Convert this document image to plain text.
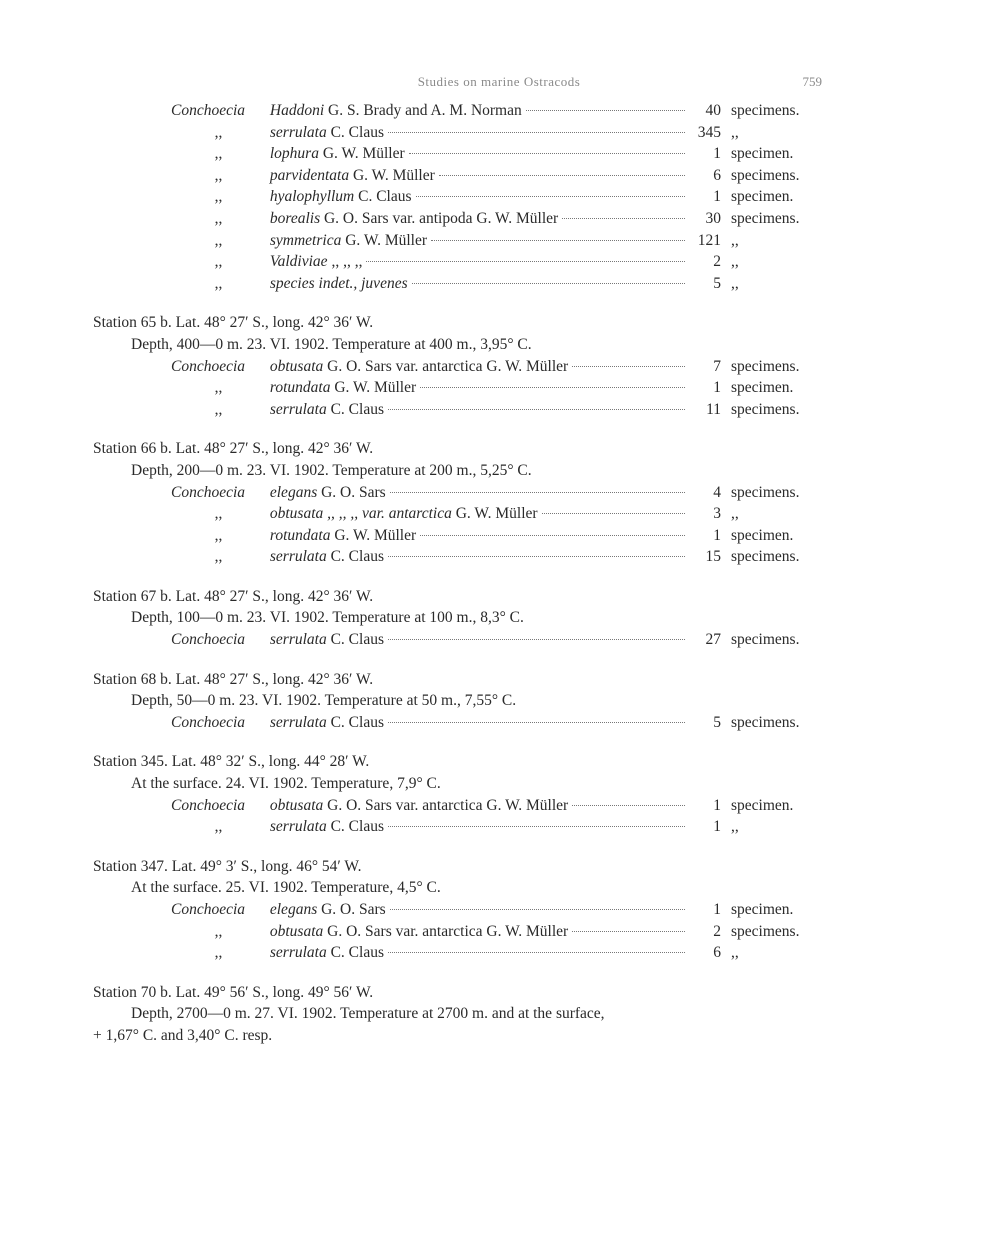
Studies on marine Ostracods	759
Conchoecia Haddoni G. S. Brady and A. M. Norman	40 specimens.
,,	serrulata C. Claus	345 ,,
,,	lophura G. W. Müller	1 specimen.
,,	parvidentata G. W. Müller	6 specimens.
,,	hyalophyllum C. Claus	1 specimen.
,,	borealis G. O. Sars var. antipoda G. W. Müller	30 specimens.
,,	symmetrica G. W. Müller	121 ,,
,,	Valdiviae ,, ,, ,,	2 ,,
,,	species indet., juvenes	5 ,,
Station 65 b. Lat. 48° 27′ S., long. 42° 36′ W.
Depth, 400—0 m. 23. VI. 1902. Temperature at 400 m., 3,95° C.
Conchoecia obtusata G. O. Sars var. antarctica G. W. Müller	7 specimens.
,,	rotundata G. W. Müller	1 specimen.
,,	serrulata C. Claus	11 specimens.
Station 66 b. Lat. 48° 27′ S., long. 42° 36′ W.
Depth, 200—0 m. 23. VI. 1902. Temperature at 200 m., 5,25° C.
Conchoecia elegans G. O. Sars	4 specimens.
,,	obtusata ,, ,, ,, var. antarctica G. W. Müller	3 ,,
,,	rotundata G. W. Müller	1 specimen.
,,	serrulata C. Claus	15 specimens.
Station 67 b. Lat. 48° 27′ S., long. 42° 36′ W.
Depth, 100—0 m. 23. VI. 1902. Temperature at 100 m., 8,3° C.
Conchoecia serrulata C. Claus	27 specimens.
Station 68 b. Lat. 48° 27′ S., long. 42° 36′ W.
Depth, 50—0 m. 23. VI. 1902. Temperature at 50 m., 7,55° C.
Conchoecia serrulata C. Claus	5 specimens.
Station 345. Lat. 48° 32′ S., long. 44° 28′ W.
At the surface. 24. VI. 1902. Temperature, 7,9° C.
Conchoecia obtusata G. O. Sars var. antarctica G. W. Müller	1 specimen.
,,	serrulata C. Claus	1 ,,
Station 347. Lat. 49° 3′ S., long. 46° 54′ W.
At the surface. 25. VI. 1902. Temperature, 4,5° C.
Conchoecia elegans G. O. Sars	1 specimen.
,,	obtusata G. O. Sars var. antarctica G. W. Müller	2 specimens.
,,	serrulata C. Claus	6 ,,
Station 70 b. Lat. 49° 56′ S., long. 49° 56′ W.
Depth, 2700—0 m. 27. VI. 1902. Temperature at 2700 m. and at the surface,
+ 1,67° C. and 3,40° C. resp.
